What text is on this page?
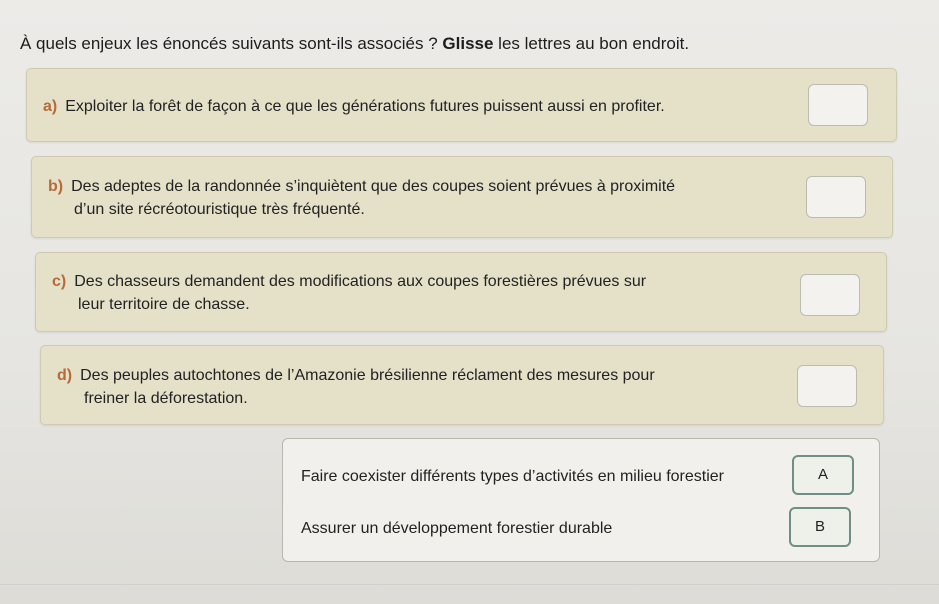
À quels enjeux les énoncés suivants sont-ils associés ? Glisse les lettres au bon endroit.
a) Exploiter la forêt de façon à ce que les générations futures puissent aussi en profiter.
b) Des adeptes de la randonnée s’inquiètent que des coupes soient prévues à proximité
d’un site récréotouristique très fréquenté.
c) Des chasseurs demandent des modifications aux coupes forestières prévues sur
leur territoire de chasse.
d) Des peuples autochtones de l’Amazonie brésilienne réclament des mesures pour
freiner la déforestation.
Faire coexister différents types d’activités en milieu forestier	A
Assurer un développement forestier durable	B
